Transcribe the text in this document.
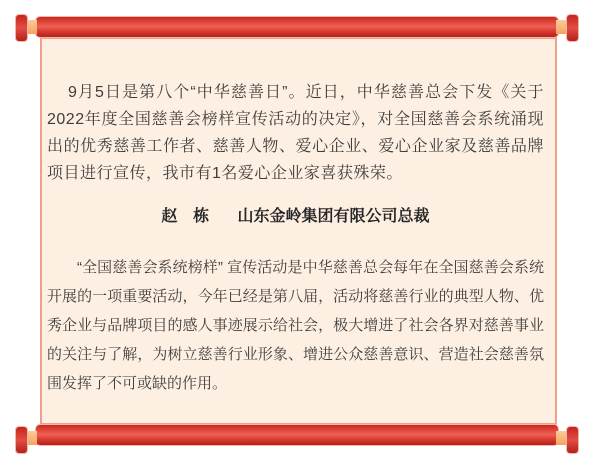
9月5日是第八个“中华慈善日”。近日，中华慈善总会下发《关于2022年度全国慈善会榜样宣传活动的决定》，对全国慈善会系统涌现出的优秀慈善工作者、慈善人物、爱心企业、爱心企业家及慈善品牌项目进行宣传，我市有1名爱心企业家喜获殊荣。

赵 栋 山东金岭集团有限公司总裁

“全国慈善会系统榜样” 宣传活动是中华慈善总会每年在全国慈善会系统开展的一项重要活动，今年已经是第八届，活动将慈善行业的典型人物、优秀企业与品牌项目的感人事迹展示给社会，极大增进了社会各界对慈善事业的关注与了解，为树立慈善行业形象、增进公众慈善意识、营造社会慈善氛围发挥了不可或缺的作用。
